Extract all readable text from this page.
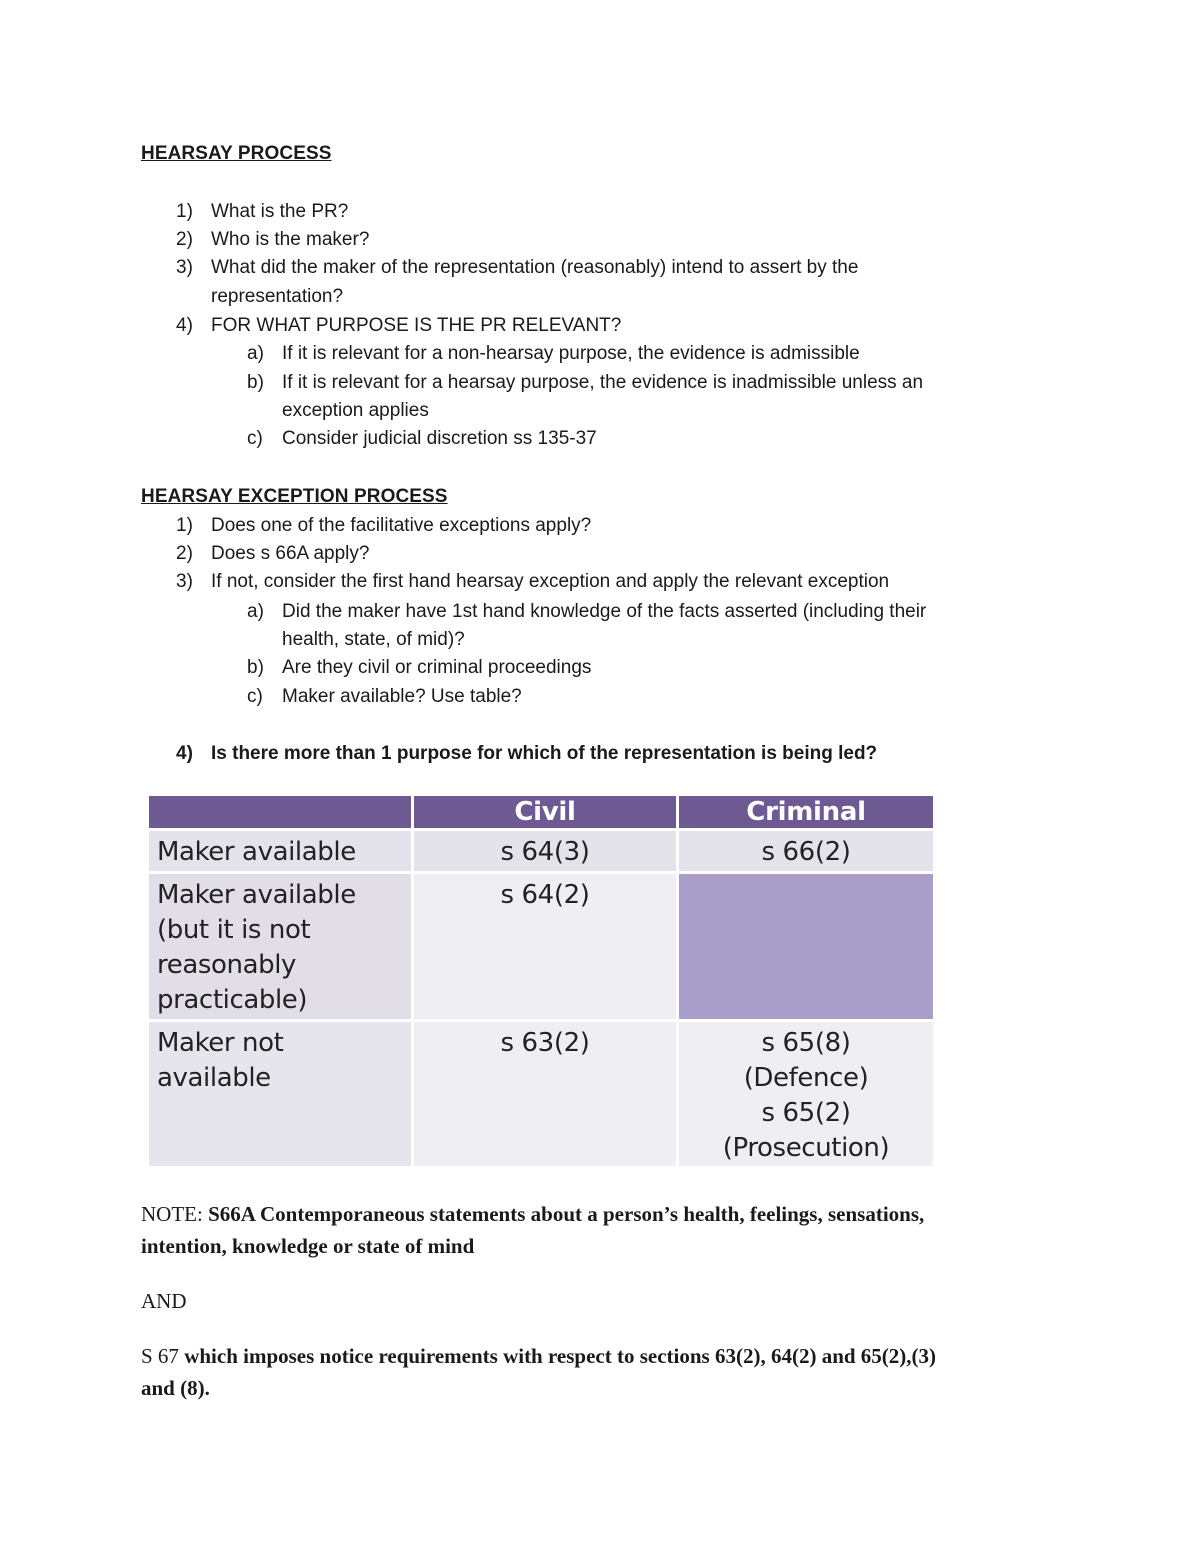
HEARSAY PROCESS
1) What is the PR?
2) Who is the maker?
3) What did the maker of the representation (reasonably) intend to assert by the
representation?
4) FOR WHAT PURPOSE IS THE PR RELEVANT?
a) If it is relevant for a non-hearsay purpose, the evidence is admissible
b) If it is relevant for a hearsay purpose, the evidence is inadmissible unless an
exception applies
c) Consider judicial discretion ss 135-37
HEARSAY EXCEPTION PROCESS
1) Does one of the facilitative exceptions apply?
2) Does s 66A apply?
3) If not, consider the first hand hearsay exception and apply the relevant exception
a) Did the maker have 1st hand knowledge of the facts asserted (including their
health, state, of mid)?
b) Are they civil or criminal proceedings
c) Maker available? Use table?
4) Is there more than 1 purpose for which of the representation is being led?
	Civil	Criminal

Maker available	s 64(3)	s 66(2)

Maker available
(but it is not
reasonably
practicable)	s 64(2)	

Maker not available	s 63(2)	s 65(8)
(Defence)
s 65(2)
(Prosecution)
NOTE: S66A Contemporaneous statements about a person’s health, feelings, sensations,
intention, knowledge or state of mind
AND
S 67 which imposes notice requirements with respect to sections 63(2), 64(2) and 65(2),(3)
and (8).
